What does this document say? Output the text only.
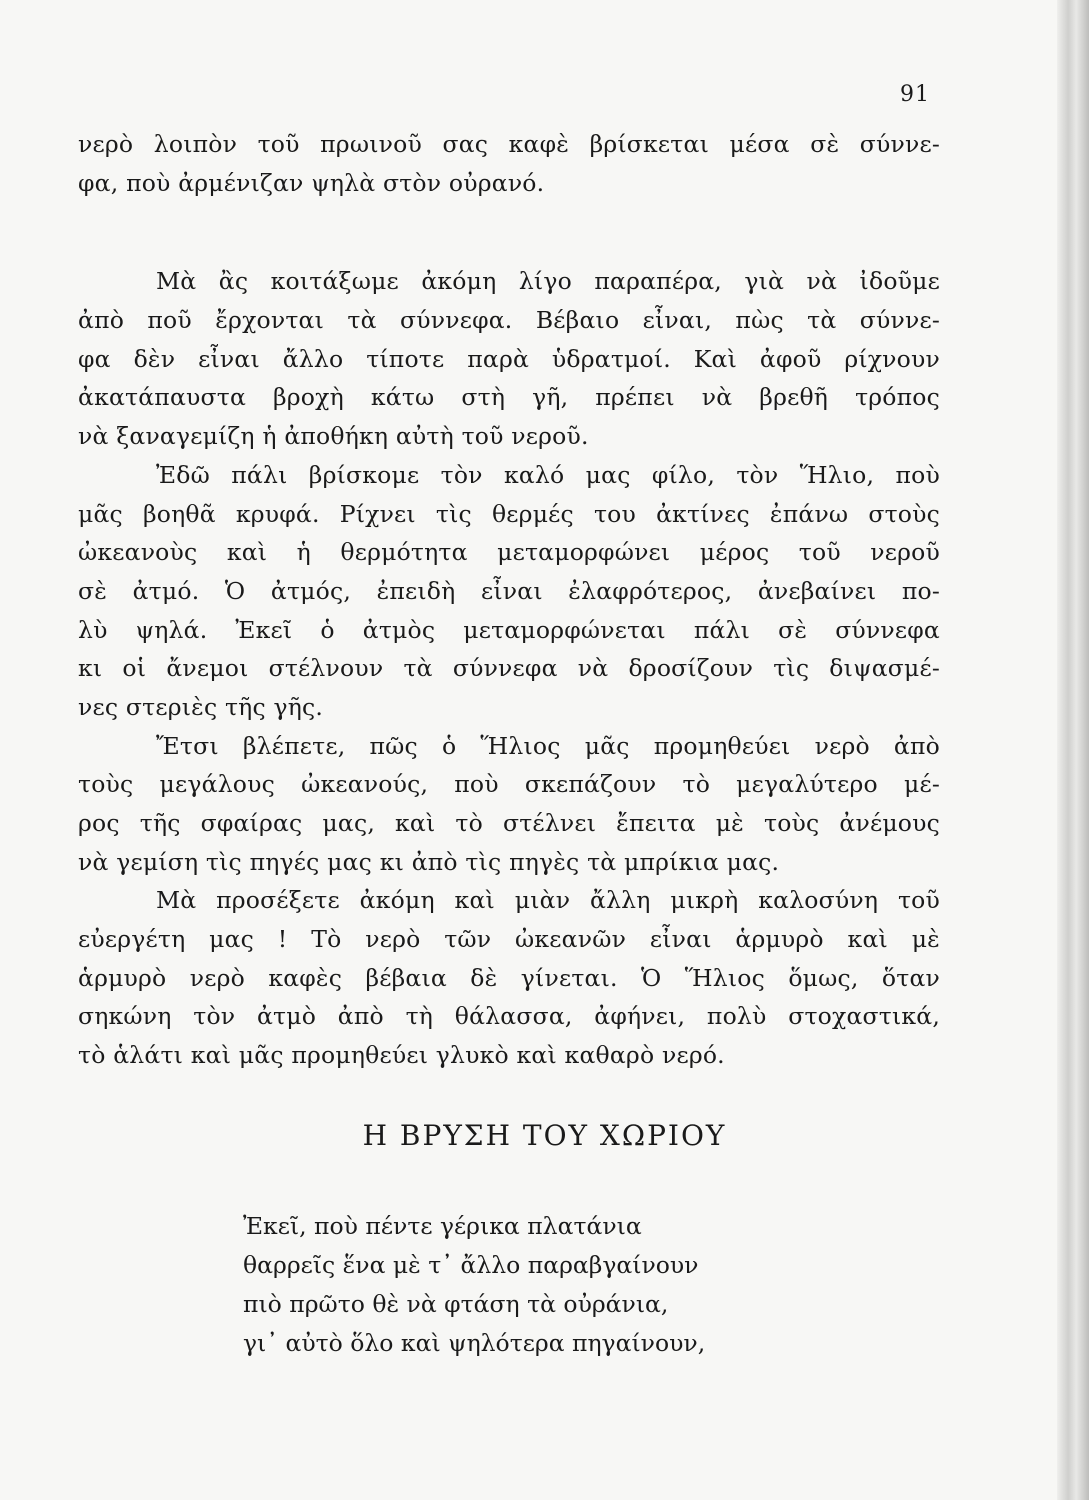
91
νερὸ λοιπὸν τοῦ πρωινοῦ σας καφὲ βρίσκεται μέσα σὲ σύννε-
φα, ποὺ ἀρμένιζαν ψηλὰ στὸν οὐρανό.
Μὰ ἂς κοιτάξωμε ἀκόμη λίγο παραπέρα, γιὰ νὰ ἰδοῦμε
ἀπὸ ποῦ ἔρχονται τὰ σύννεφα. Βέβαιο εἶναι, πὼς τὰ σύννε-
φα δὲν εἶναι ἄλλο τίποτε παρὰ ὑδρατμοί. Καὶ ἀφοῦ ρίχνουν
ἀκατάπαυστα βροχὴ κάτω στὴ γῆ, πρέπει νὰ βρεθῆ τρόπος
νὰ ξαναγεμίζη ἡ ἀποθήκη αὐτὴ τοῦ νεροῦ.
Ἐδῶ πάλι βρίσκομε τὸν καλό μας φίλο, τὸν Ἥλιο, ποὺ
μᾶς βοηθᾶ κρυφά. Ρίχνει τὶς θερμές του ἀκτίνες ἐπάνω στοὺς
ὠκεανοὺς καὶ ἡ θερμότητα μεταμορφώνει μέρος τοῦ νεροῦ
σὲ ἀτμό. Ὁ ἀτμός, ἐπειδὴ εἶναι ἐλαφρότερος, ἀνεβαίνει πο-
λὺ ψηλά. Ἐκεῖ ὁ ἀτμὸς μεταμορφώνεται πάλι σὲ σύννεφα
κι οἱ ἄνεμοι στέλνουν τὰ σύννεφα νὰ δροσίζουν τὶς διψασμέ-
νες στεριὲς τῆς γῆς.
Ἔτσι βλέπετε, πῶς ὁ Ἥλιος μᾶς προμηθεύει νερὸ ἀπὸ
τοὺς μεγάλους ὠκεανούς, ποὺ σκεπάζουν τὸ μεγαλύτερο μέ-
ρος τῆς σφαίρας μας, καὶ τὸ στέλνει ἔπειτα μὲ τοὺς ἀνέμους
νὰ γεμίση τὶς πηγές μας κι ἀπὸ τὶς πηγὲς τὰ μπρίκια μας.
Μὰ προσέξετε ἀκόμη καὶ μιὰν ἄλλη μικρὴ καλοσύνη τοῦ
εὐεργέτη μας ! Τὸ νερὸ τῶν ὠκεανῶν εἶναι ἁρμυρὸ καὶ μὲ
ἁρμυρὸ νερὸ καφὲς βέβαια δὲ γίνεται. Ὁ Ἥλιος ὅμως, ὅταν
σηκώνη τὸν ἀτμὸ ἀπὸ τὴ θάλασσα, ἀφήνει, πολὺ στοχαστικά,
τὸ ἁλάτι καὶ μᾶς προμηθεύει γλυκὸ καὶ καθαρὸ νερό.
Η ΒΡΥΣΗ ΤΟΥ ΧΩΡΙΟΥ
Ἐκεῖ, ποὺ πέντε γέρικα πλατάνια
θαρρεῖς ἕνα μὲ τ᾽ ἄλλο παραβγαίνουν
πιὸ πρῶτο θὲ νὰ φτάση τὰ οὐράνια,
γι᾽ αὐτὸ ὅλο καὶ ψηλότερα πηγαίνουν,
